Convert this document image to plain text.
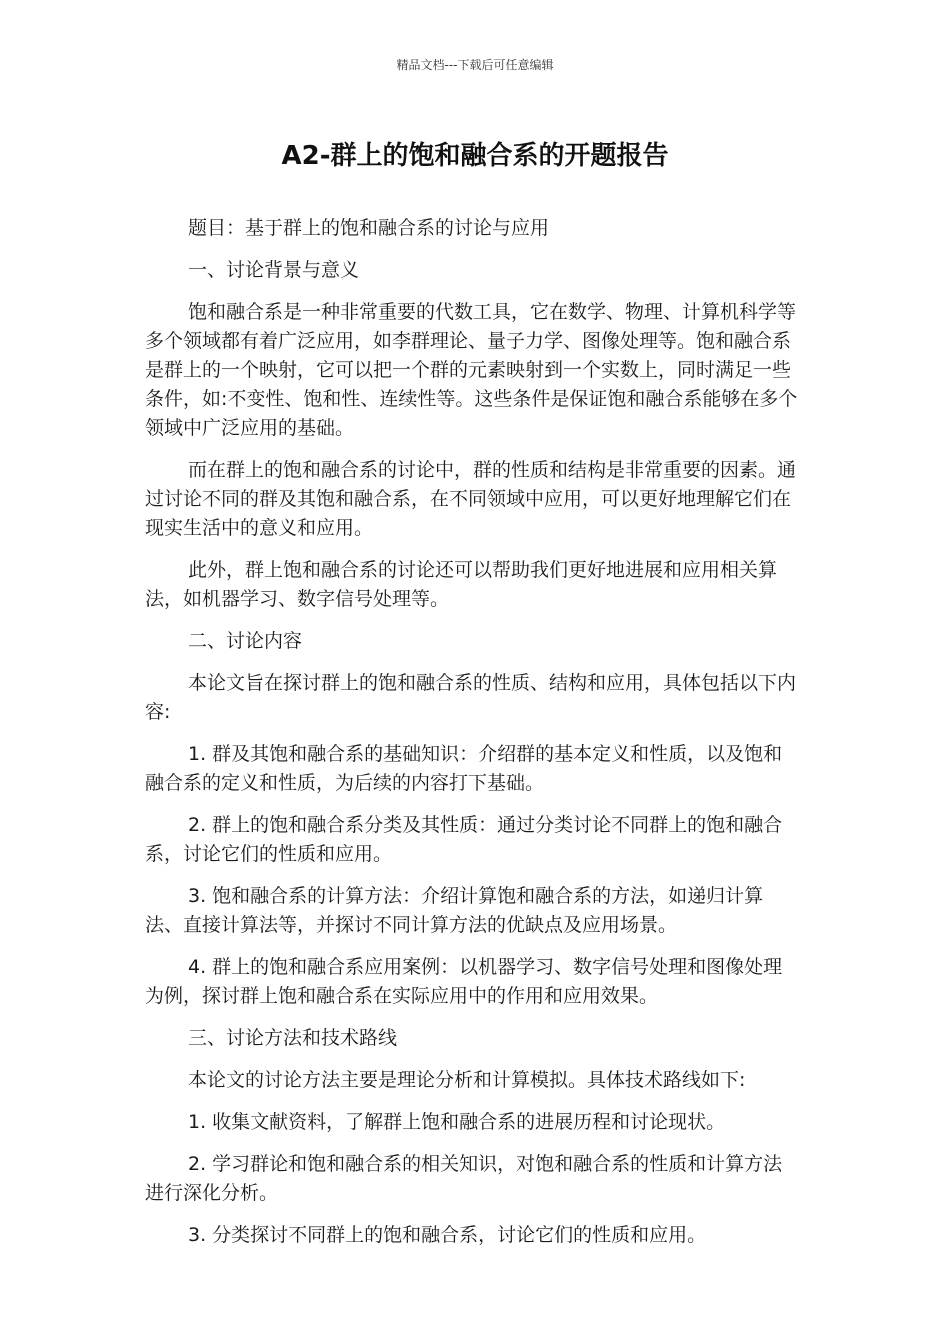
精品文档---下载后可任意编辑
A2-群上的饱和融合系的开题报告

题目：基于群上的饱和融合系的讨论与应用

一、讨论背景与意义

饱和融合系是一种非常重要的代数工具，它在数学、物理、计算机科学等多个领域都有着广泛应用，如李群理论、量子力学、图像处理等。饱和融合系是群上的一个映射，它可以把一个群的元素映射到一个实数上，同时满足一些条件，如:不变性、饱和性、连续性等。这些条件是保证饱和融合系能够在多个领域中广泛应用的基础。

而在群上的饱和融合系的讨论中，群的性质和结构是非常重要的因素。通过讨论不同的群及其饱和融合系，在不同领域中应用，可以更好地理解它们在现实生活中的意义和应用。

此外，群上饱和融合系的讨论还可以帮助我们更好地进展和应用相关算法，如机器学习、数字信号处理等。

二、讨论内容

本论文旨在探讨群上的饱和融合系的性质、结构和应用，具体包括以下内容:

1. 群及其饱和融合系的基础知识：介绍群的基本定义和性质，以及饱和融合系的定义和性质，为后续的内容打下基础。

2. 群上的饱和融合系分类及其性质：通过分类讨论不同群上的饱和融合系，讨论它们的性质和应用。

3. 饱和融合系的计算方法：介绍计算饱和融合系的方法，如递归计算法、直接计算法等，并探讨不同计算方法的优缺点及应用场景。

4. 群上的饱和融合系应用案例：以机器学习、数字信号处理和图像处理为例，探讨群上饱和融合系在实际应用中的作用和应用效果。

三、讨论方法和技术路线

本论文的讨论方法主要是理论分析和计算模拟。具体技术路线如下:

1. 收集文献资料，了解群上饱和融合系的进展历程和讨论现状。

2. 学习群论和饱和融合系的相关知识，对饱和融合系的性质和计算方法进行深化分析。

3. 分类探讨不同群上的饱和融合系，讨论它们的性质和应用。
